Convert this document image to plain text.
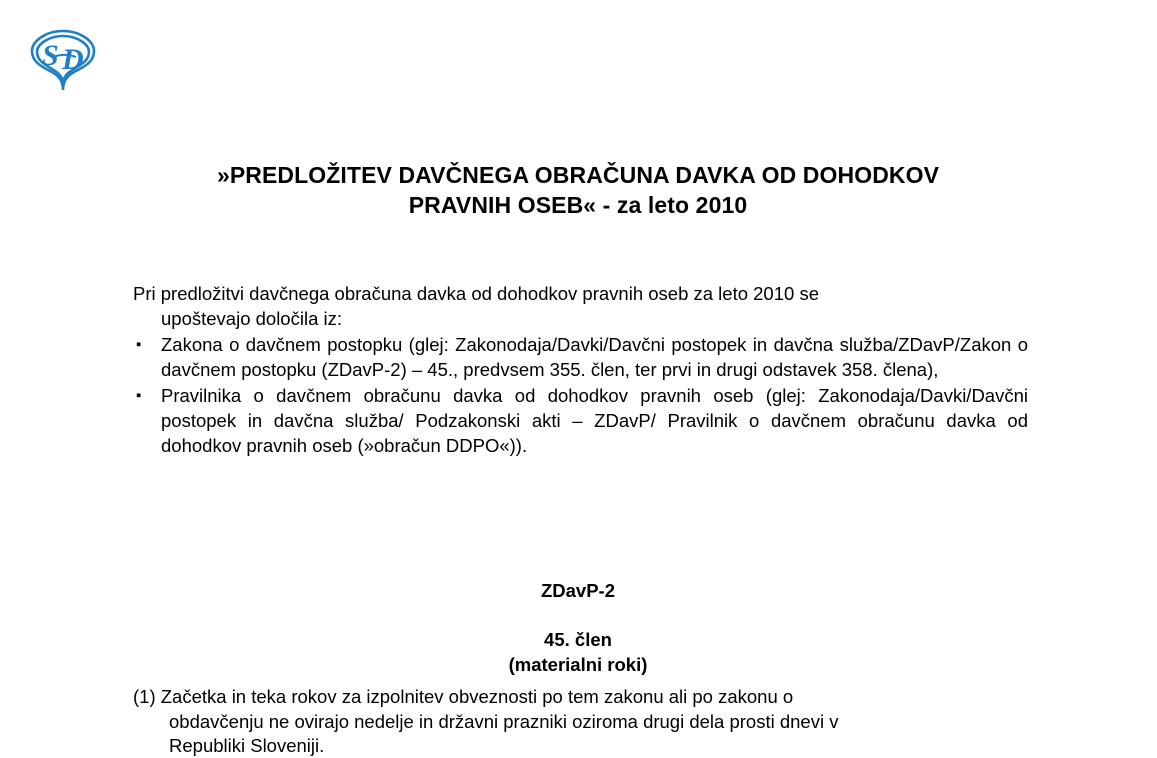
S D
»PREDLOŽITEV DAVČNEGA OBRAČUNA DAVKA OD DOHODKOV
PRAVNIH OSEB« - za leto 2010

Pri predložitvi davčnega obračuna davka od dohodkov pravnih oseb za leto 2010 se
upoštevajo določila iz:

▪ Zakona o davčnem postopku (glej: Zakonodaja/Davki/Davčni postopek in davčna služba/ZDavP/Zakon o davčnem postopku (ZDavP-2) – 45., predvsem 355. člen, ter prvi in drugi odstavek 358. člena),
▪ Pravilnika o davčnem obračunu davka od dohodkov pravnih oseb (glej: Zakonodaja/Davki/Davčni postopek in davčna služba/ Podzakonski akti – ZDavP/ Pravilnik o davčnem obračunu davka od dohodkov pravnih oseb (»obračun DDPO«)).
ZDavP-2
45. člen
(materialni roki)
(1) Začetka in teka rokov za izpolnitev obveznosti po tem zakonu ali po zakonu o
obdavčenju ne ovirajo nedelje in državni prazniki oziroma drugi dela prosti dnevi v
Republiki Sloveniji.
